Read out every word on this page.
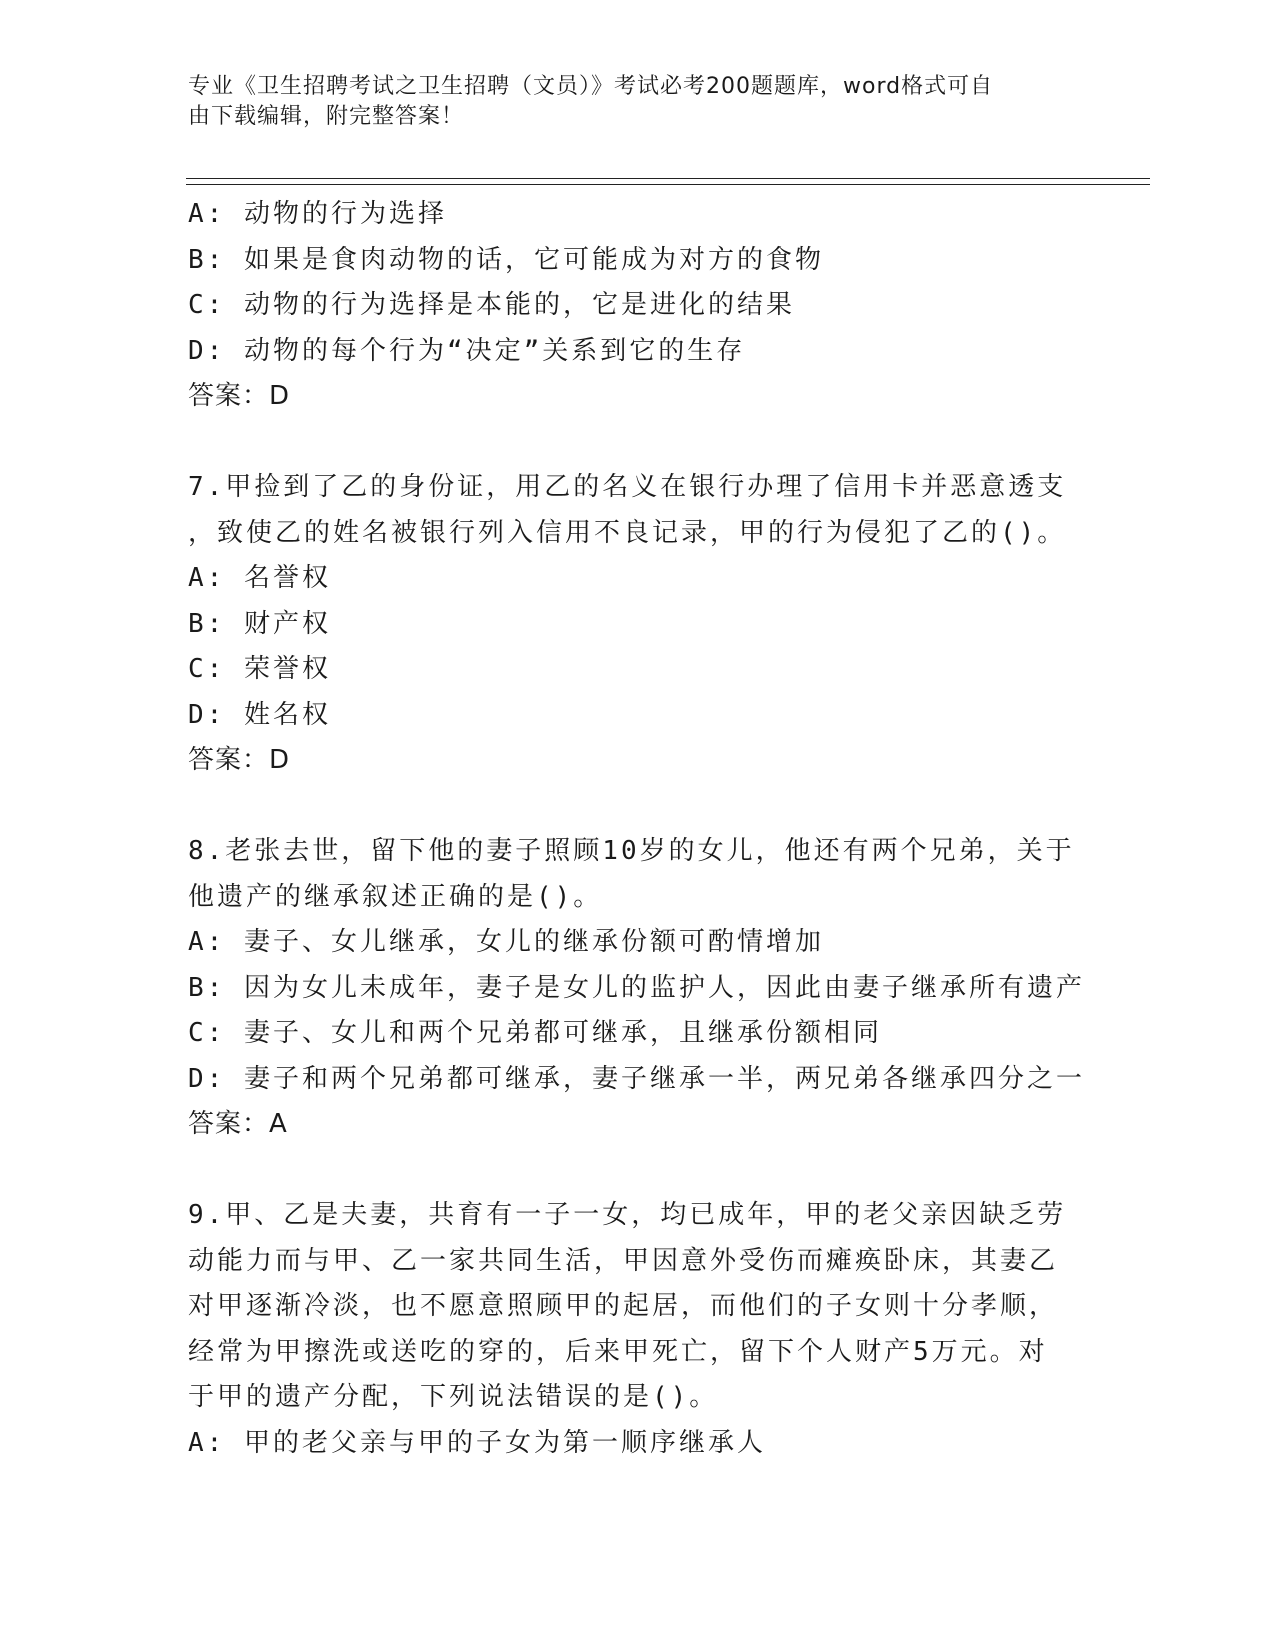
专业《卫生招聘考试之卫生招聘（文员）》考试必考200题题库，word格式可自
由下载编辑，附完整答案！
A: 动物的行为选择
B: 如果是食肉动物的话，它可能成为对方的食物
C: 动物的行为选择是本能的，它是进化的结果
D: 动物的每个行为“决定”关系到它的生存
答案：D
7.甲捡到了乙的身份证，用乙的名义在银行办理了信用卡并恶意透支
，致使乙的姓名被银行列入信用不良记录，甲的行为侵犯了乙的()。
A: 名誉权
B: 财产权
C: 荣誉权
D: 姓名权
答案：D
8.老张去世，留下他的妻子照顾10岁的女儿，他还有两个兄弟，关于
他遗产的继承叙述正确的是()。
A: 妻子、女儿继承，女儿的继承份额可酌情增加
B: 因为女儿未成年，妻子是女儿的监护人，因此由妻子继承所有遗产
C: 妻子、女儿和两个兄弟都可继承，且继承份额相同
D: 妻子和两个兄弟都可继承，妻子继承一半，两兄弟各继承四分之一
答案：A
9.甲、乙是夫妻，共育有一子一女，均已成年，甲的老父亲因缺乏劳
动能力而与甲、乙一家共同生活，甲因意外受伤而瘫痪卧床，其妻乙
对甲逐渐冷淡，也不愿意照顾甲的起居，而他们的子女则十分孝顺，
经常为甲擦洗或送吃的穿的，后来甲死亡，留下个人财产5万元。对
于甲的遗产分配，下列说法错误的是()。
A: 甲的老父亲与甲的子女为第一顺序继承人
